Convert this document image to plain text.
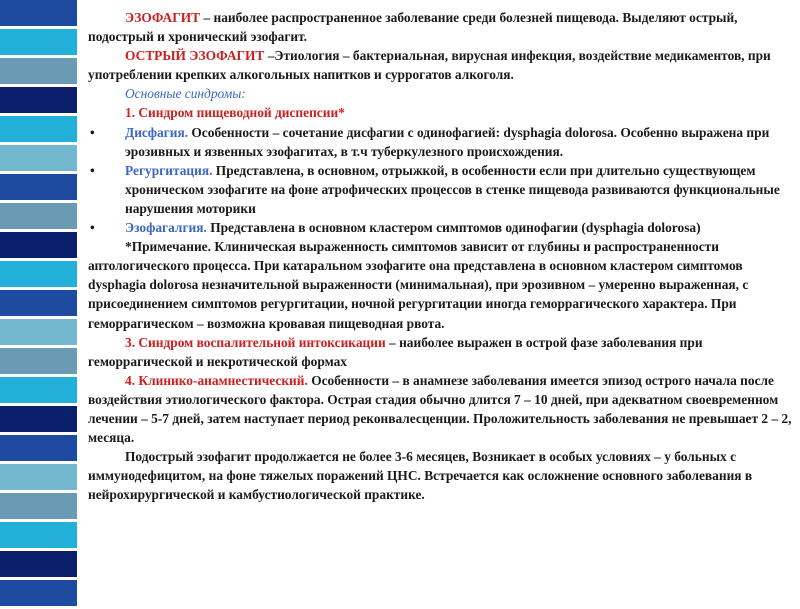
ЭЗОФАГИТ – наиболее распространенное заболевание среди болезней пищевода. Выделяют острый, подострый и хронический эзофагит.

ОСТРЫЙ ЭЗОФАГИТ –Этиология – бактериальная, вирусная инфекция, воздействие медикаментов, при употреблении крепких алкогольных напитков и суррогатов алкоголя.

Основные синдромы:

1. Синдром пищеводной диспепсии*

• Дисфагия. Особенности – сочетание дисфагии с одинофагией: dysphagia dolorosa. Особенно выражена при эрозивных и язвенных эзофагитах, в т.ч туберкулезного происхождения.

• Регургитация. Представлена, в основном, отрыжкой, в особенности если при длительно существующем хроническом эзофагите на фоне атрофических процессов в стенке пищевода развиваются функциональные нарушения моторики

• Эзофагалгия. Представлена в основном кластером симптомов одинофагии (dysphagia dolorosa)

*Примечание. Клиническая выраженность симптомов зависит от глубины и распространенности аптологического процесса. При катаральном эзофагите она представлена в основном кластером симптомов dysphagia dolorosa незначительной выраженности (минимальная), при эрозивном – умеренно выраженная, с присоединением симптомов регургитации, ночной регургитации иногда геморрагического характера. При геморрагическом – возможна кровавая пищеводная рвота.

3. Синдром воспалительной интоксикации – наиболее выражен в острой фазе заболевания при геморрагической и некротической формах

4. Клинико-анамнестический. Особенности – в анамнезе заболевания имеется эпизод острого начала после воздействия этиологического фактора. Острая стадия обычно длится 7 – 10 дней, при адекватном своевременном лечении – 5-7 дней, затем наступает период реконвалесценции. Проложительность заболевания не превышает 2 – 2, месяца.

Подострый эзофагит продолжается не более 3-6 месяцев, Возникает в особых условиях – у больных с иммунодефицитом, на фоне тяжелых поражений ЦНС. Встречается как осложнение основного заболевания в нейрохирургической и камбустиологической практике.
